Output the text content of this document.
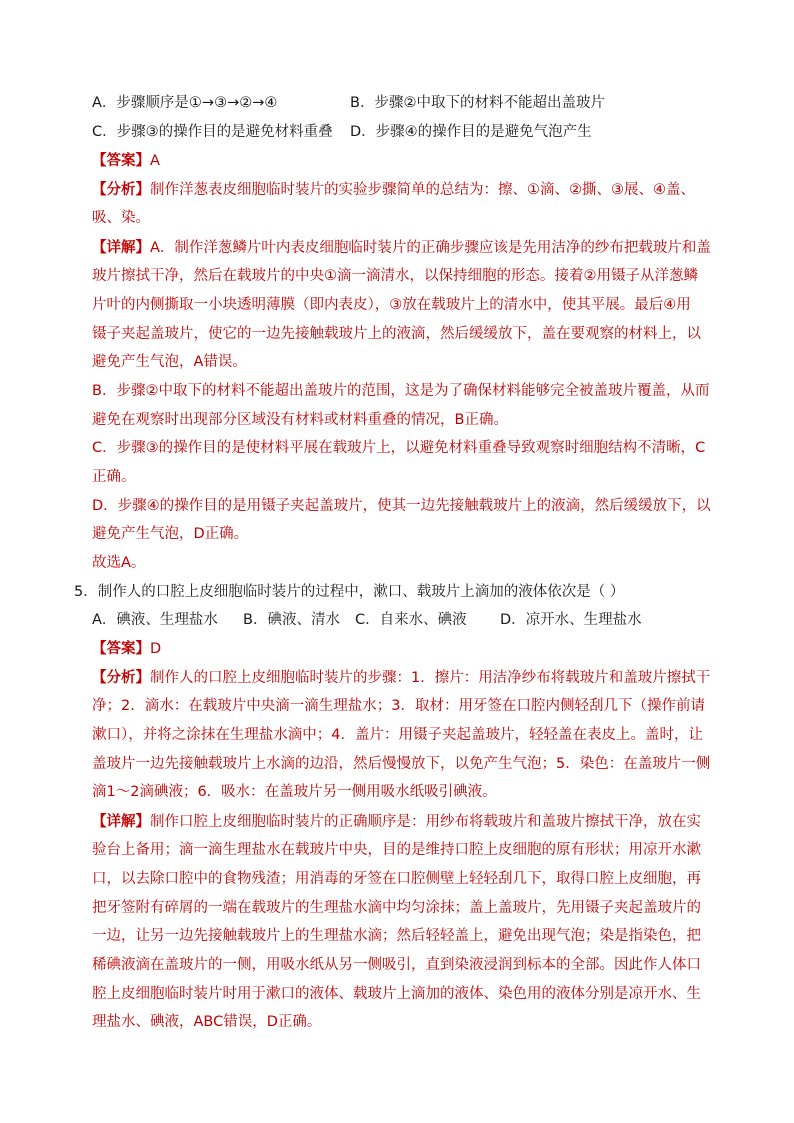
A．步骤顺序是①→③→②→④	B．步骤②中取下的材料不能超出盖玻片
C．步骤③的操作目的是避免材料重叠 D．步骤④的操作目的是避免气泡产生
【答案】A
【分析】制作洋葱表皮细胞临时装片的实验步骤简单的总结为：擦、①滴、②撕、③展、④盖、
吸、染。
【详解】A．制作洋葱鳞片叶内表皮细胞临时装片的正确步骤应该是先用洁净的纱布把载玻片和盖
玻片擦拭干净，然后在载玻片的中央①滴一滴清水，以保持细胞的形态。接着②用镊子从洋葱鳞
片叶的内侧撕取一小块透明薄膜（即内表皮），③放在载玻片上的清水中，使其平展。最后④用
镊子夹起盖玻片，使它的一边先接触载玻片上的液滴，然后缓缓放下，盖在要观察的材料上，以
避免产生气泡，A错误。
B．步骤②中取下的材料不能超出盖玻片的范围，这是为了确保材料能够完全被盖玻片覆盖，从而
避免在观察时出现部分区域没有材料或材料重叠的情况，B正确。
C．步骤③的操作目的是使材料平展在载玻片上，以避免材料重叠导致观察时细胞结构不清晰，C
正确。
D．步骤④的操作目的是用镊子夹起盖玻片，使其一边先接触载玻片上的液滴，然后缓缓放下，以
避免产生气泡，D正确。
故选A。
5．制作人的口腔上皮细胞临时装片的过程中，漱口、载玻片上滴加的液体依次是（ ）
A．碘液、生理盐水 B．碘液、清水 C．自来水、碘液 D．凉开水、生理盐水
【答案】D
【分析】制作人的口腔上皮细胞临时装片的步骤：1．擦片：用洁净纱布将载玻片和盖玻片擦拭干
净；2．滴水：在载玻片中央滴一滴生理盐水；3．取材：用牙签在口腔内侧轻刮几下（操作前请
漱口），并将之涂抹在生理盐水滴中；4．盖片：用镊子夹起盖玻片，轻轻盖在表皮上。盖时，让
盖玻片一边先接触载玻片上水滴的边沿，然后慢慢放下，以免产生气泡；5．染色：在盖玻片一侧
滴1～2滴碘液；6．吸水：在盖玻片另一侧用吸水纸吸引碘液。
【详解】制作口腔上皮细胞临时装片的正确顺序是：用纱布将载玻片和盖玻片擦拭干净，放在实
验台上备用；滴一滴生理盐水在载玻片中央，目的是维持口腔上皮细胞的原有形状；用凉开水漱
口，以去除口腔中的食物残渣；用消毒的牙签在口腔侧壁上轻轻刮几下，取得口腔上皮细胞，再
把牙签附有碎屑的一端在载玻片的生理盐水滴中均匀涂抹；盖上盖玻片，先用镊子夹起盖玻片的
一边，让另一边先接触载玻片上的生理盐水滴；然后轻轻盖上，避免出现气泡；染是指染色，把
稀碘液滴在盖玻片的一侧，用吸水纸从另一侧吸引，直到染液浸润到标本的全部。因此作人体口
腔上皮细胞临时装片时用于漱口的液体、载玻片上滴加的液体、染色用的液体分别是凉开水、生
理盐水、碘液，ABC错误，D正确。
